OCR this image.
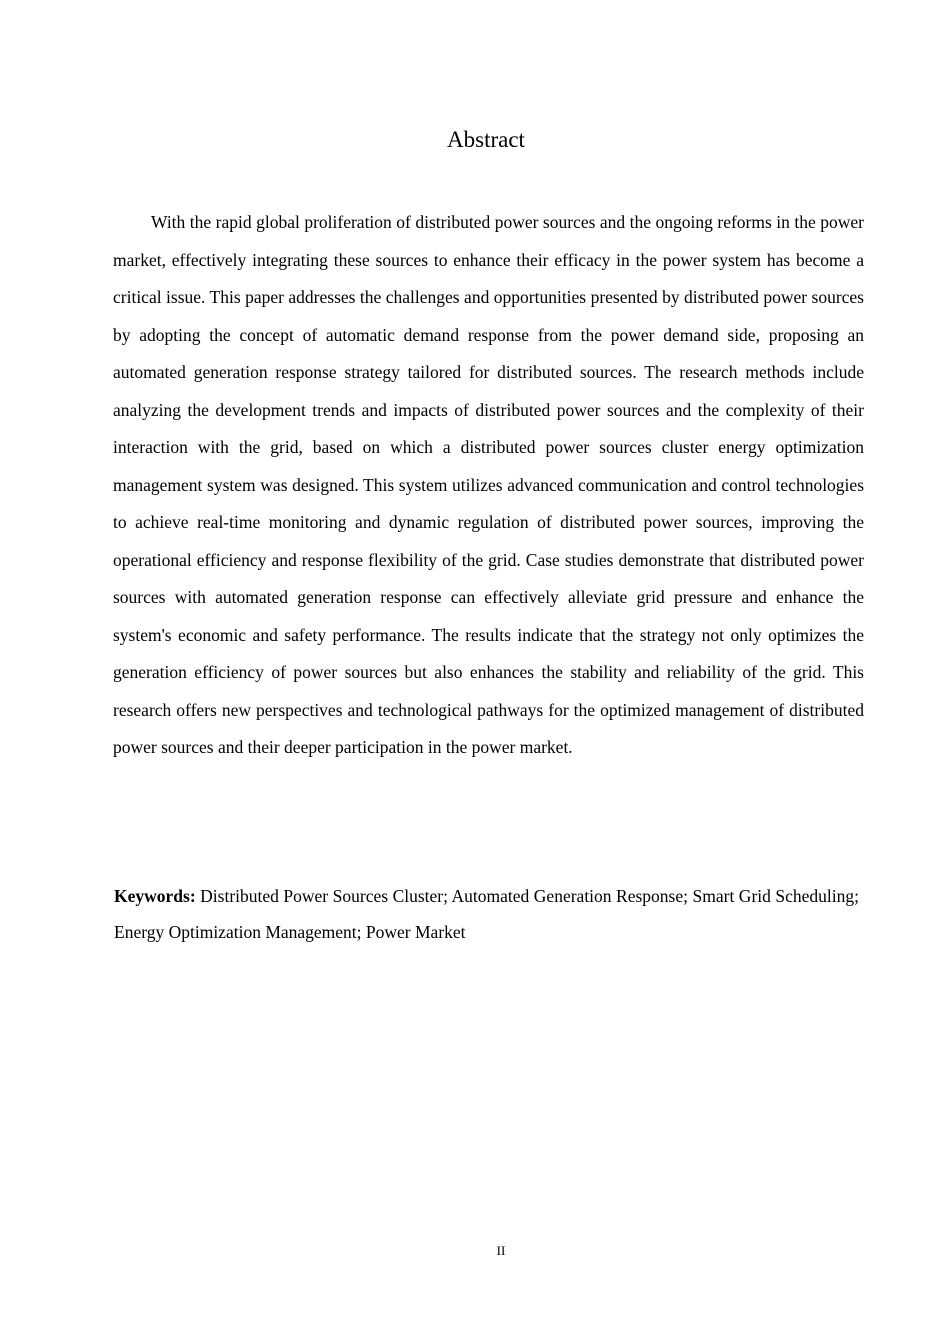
Abstract

With the rapid global proliferation of distributed power sources and the ongoing reforms in the power market, effectively integrating these sources to enhance their efficacy in the power system has become a critical issue. This paper addresses the challenges and opportunities presented by distributed power sources by adopting the concept of automatic demand response from the power demand side, proposing an automated generation response strategy tailored for distributed sources. The research methods include analyzing the development trends and impacts of distributed power sources and the complexity of their interaction with the grid, based on which a distributed power sources cluster energy optimization management system was designed. This system utilizes advanced communication and control technologies to achieve real-time monitoring and dynamic regulation of distributed power sources, improving the operational efficiency and response flexibility of the grid. Case studies demonstrate that distributed power sources with automated generation response can effectively alleviate grid pressure and enhance the system's economic and safety performance. The results indicate that the strategy not only optimizes the generation efficiency of power sources but also enhances the stability and reliability of the grid. This research offers new perspectives and technological pathways for the optimized management of distributed power sources and their deeper participation in the power market.

Keywords: Distributed Power Sources Cluster; Automated Generation Response; Smart Grid Scheduling; Energy Optimization Management; Power Market

II
